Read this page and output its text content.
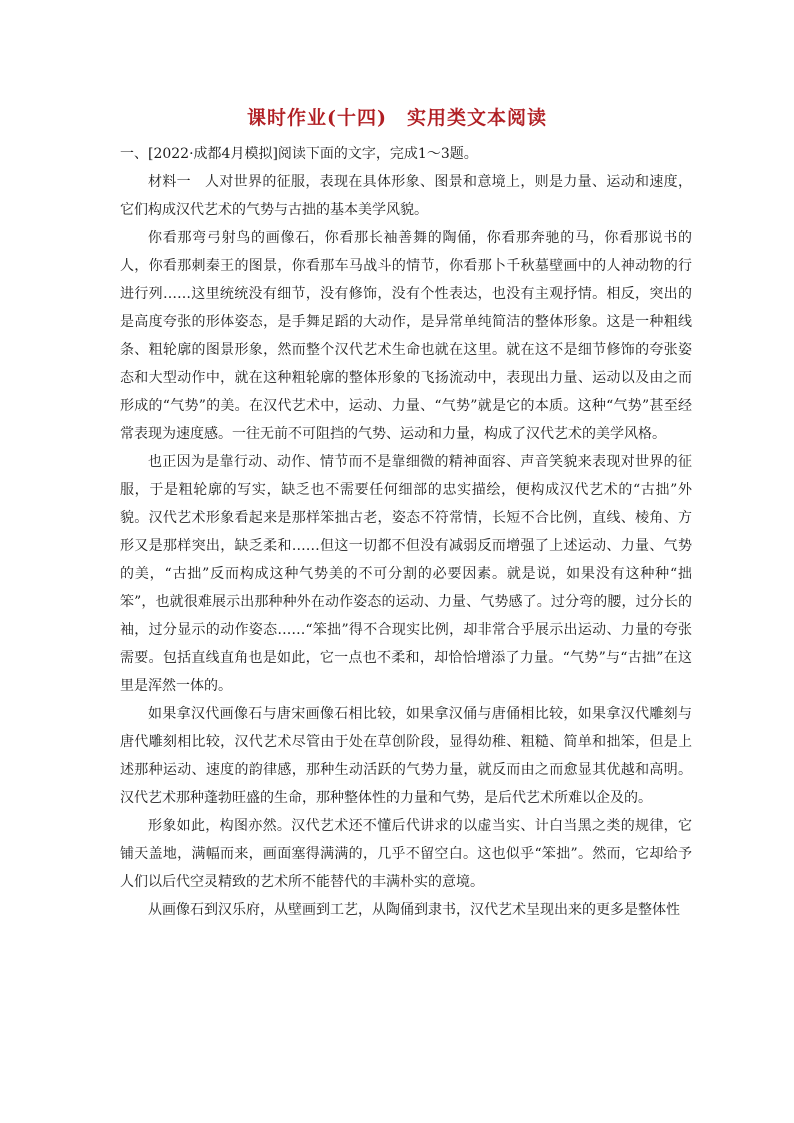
课时作业(十四) 实用类文本阅读

一、[2022·成都4月模拟]阅读下面的文字，完成1～3题。

材料一 人对世界的征服，表现在具体形象、图景和意境上，则是力量、运动和速度，它们构成汉代艺术的气势与古拙的基本美学风貌。

你看那弯弓射鸟的画像石，你看那长袖善舞的陶俑，你看那奔驰的马，你看那说书的人，你看那刺秦王的图景，你看那车马战斗的情节，你看那卜千秋墓壁画中的人神动物的行进行列……这里统统没有细节，没有修饰，没有个性表达，也没有主观抒情。相反，突出的是高度夸张的形体姿态，是手舞足蹈的大动作，是异常单纯简洁的整体形象。这是一种粗线条、粗轮廓的图景形象，然而整个汉代艺术生命也就在这里。就在这不是细节修饰的夸张姿态和大型动作中，就在这种粗轮廓的整体形象的飞扬流动中，表现出力量、运动以及由之而形成的“气势”的美。在汉代艺术中，运动、力量、“气势”就是它的本质。这种“气势”甚至经常表现为速度感。一往无前不可阻挡的气势、运动和力量，构成了汉代艺术的美学风格。

也正因为是靠行动、动作、情节而不是靠细微的精神面容、声音笑貌来表现对世界的征服，于是粗轮廓的写实，缺乏也不需要任何细部的忠实描绘，便构成汉代艺术的“古拙”外貌。汉代艺术形象看起来是那样笨拙古老，姿态不符常情，长短不合比例，直线、棱角、方形又是那样突出，缺乏柔和……但这一切都不但没有减弱反而增强了上述运动、力量、气势的美，“古拙”反而构成这种气势美的不可分割的必要因素。就是说，如果没有这种种“拙笨”，也就很难展示出那种种外在动作姿态的运动、力量、气势感了。过分弯的腰，过分长的袖，过分显示的动作姿态……“笨拙”得不合现实比例，却非常合乎展示出运动、力量的夸张需要。包括直线直角也是如此，它一点也不柔和，却恰恰增添了力量。“气势”与“古拙”在这里是浑然一体的。

如果拿汉代画像石与唐宋画像石相比较，如果拿汉俑与唐俑相比较，如果拿汉代雕刻与唐代雕刻相比较，汉代艺术尽管由于处在草创阶段，显得幼稚、粗糙、简单和拙笨，但是上述那种运动、速度的韵律感，那种生动活跃的气势力量，就反而由之而愈显其优越和高明。汉代艺术那种蓬勃旺盛的生命，那种整体性的力量和气势，是后代艺术所难以企及的。

形象如此，构图亦然。汉代艺术还不懂后代讲求的以虚当实、计白当黑之类的规律，它铺天盖地，满幅而来，画面塞得满满的，几乎不留空白。这也似乎“笨拙”。然而，它却给予人们以后代空灵精致的艺术所不能替代的丰满朴实的意境。

从画像石到汉乐府，从壁画到工艺，从陶俑到隶书，汉代艺术呈现出来的更多是整体性
